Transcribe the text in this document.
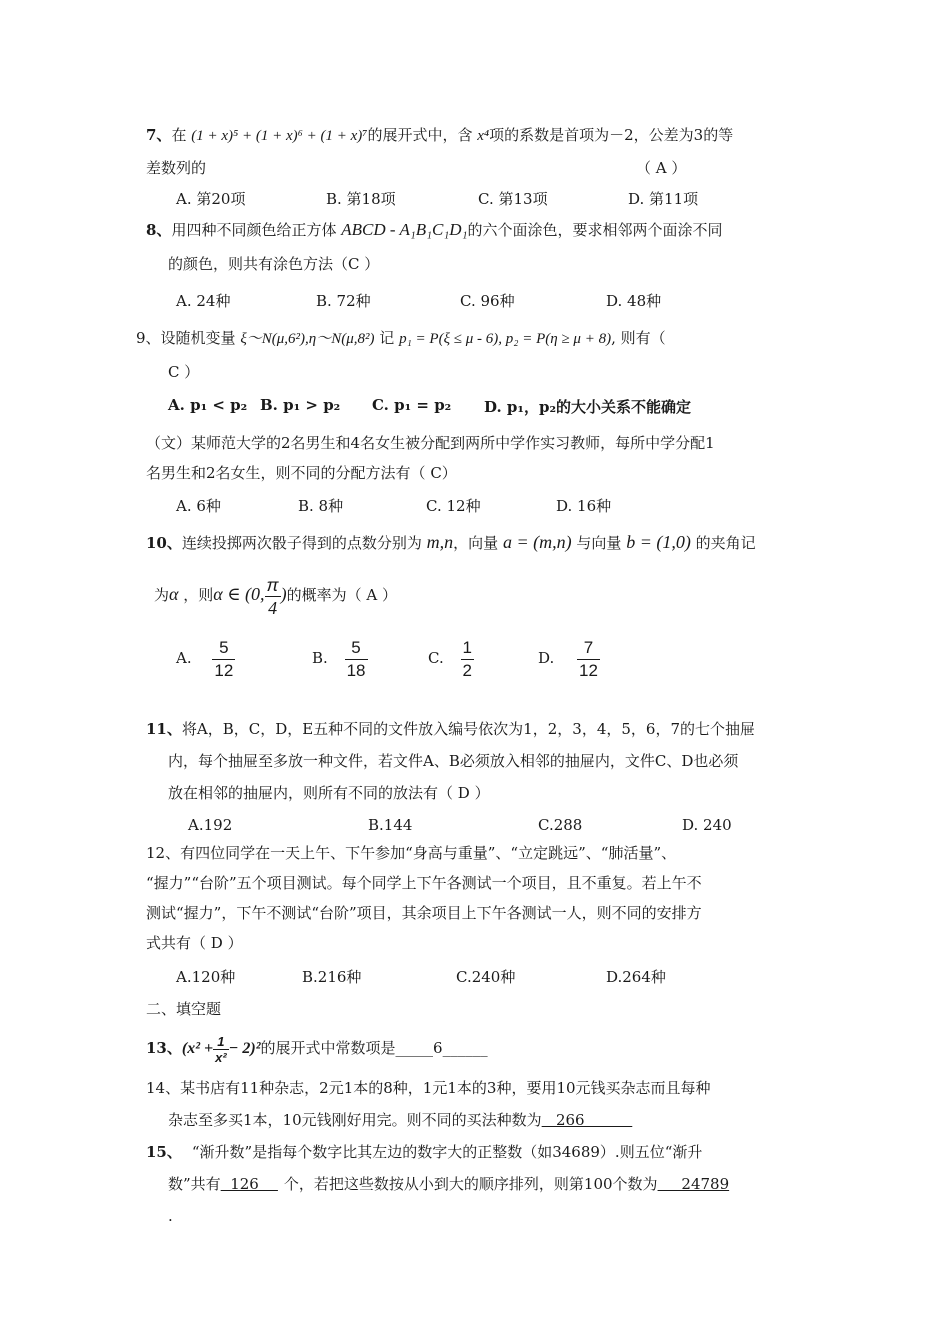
7、在 (1 + x)⁵ + (1 + x)⁶ + (1 + x)⁷的展开式中，含 x⁴项的系数是首项为－2，公差为3的等
差数列的	（ A ）
A. 第20项	B. 第18项	C. 第13项	D. 第11项
8、用四种不同颜色给正方体 ABCD - A₁B₁C₁D₁的六个面涂色，要求相邻两个面涂不同
的颜色，则共有涂色方法（C ）
A. 24种	B. 72种	C. 96种	D. 48种
9、设随机变量 ξ～N(μ,6²),η～N(μ,8²) 记 p₁ = P(ξ ≤ μ - 6), p₂ = P(η ≥ μ + 8), 则有（
C ）
A. p₁ < p₂ B. p₁ > p₂ C. p₁ = p₂ D. p₁，p₂的大小关系不能确定
（文）某师范大学的2名男生和4名女生被分配到两所中学作实习教师，每所中学分配1
名男生和2名女生，则不同的分配方法有（ C）
A. 6种	B. 8种	C. 12种	D. 16种
10、连续投掷两次骰子得到的点数分别为 m,n，向量 a = (m,n) 与向量 b = (1,0) 的夹角记
为α ，则α ∈ (0, $\frac{\pi}{4}$ )的概率为（ A ）
A. $\frac{5}{12}$	B. $\frac{5}{18}$	C. $\frac{1}{2}$	D. $\frac{7}{12}$
11、将A，B，C，D，E五种不同的文件放入编号依次为1，2，3，4，5，6，7的七个抽屉
内，每个抽屉至多放一种文件，若文件A、B必须放入相邻的抽屉内，文件C、D也必须
放在相邻的抽屉内，则所有不同的放法有（ D ）
A.192	B.144	C.288	D. 240
12、有四位同学在一天上午、下午参加“身高与重量”、“立定跳远”、“肺活量”、
“握力”“台阶”五个项目测试。每个同学上下午各测试一个项目，且不重复。若上午不
测试“握力”，下午不测试“台阶”项目，其余项目上下午各测试一人，则不同的安排方
式共有（ D ）
A.120种	B.216种	C.240种	D.264种
二、填空题
13、$(x^2 + \frac{1}{\text{x²}} - 2)^2$的展开式中常数项是_____6______
14、某书店有11种杂志，2元1本的8种，1元1本的3种，要用10元钱买杂志而且每种
杂志至多买1本，10元钱刚好用完。则不同的买法种数为   266
15、 “渐升数”是指每个数字比其左边的数字大的正整数（如34689）.则五位“渐升
数”共有  126    个，若把这些数按从小到大的顺序排列，则第100个数为     24789
.
